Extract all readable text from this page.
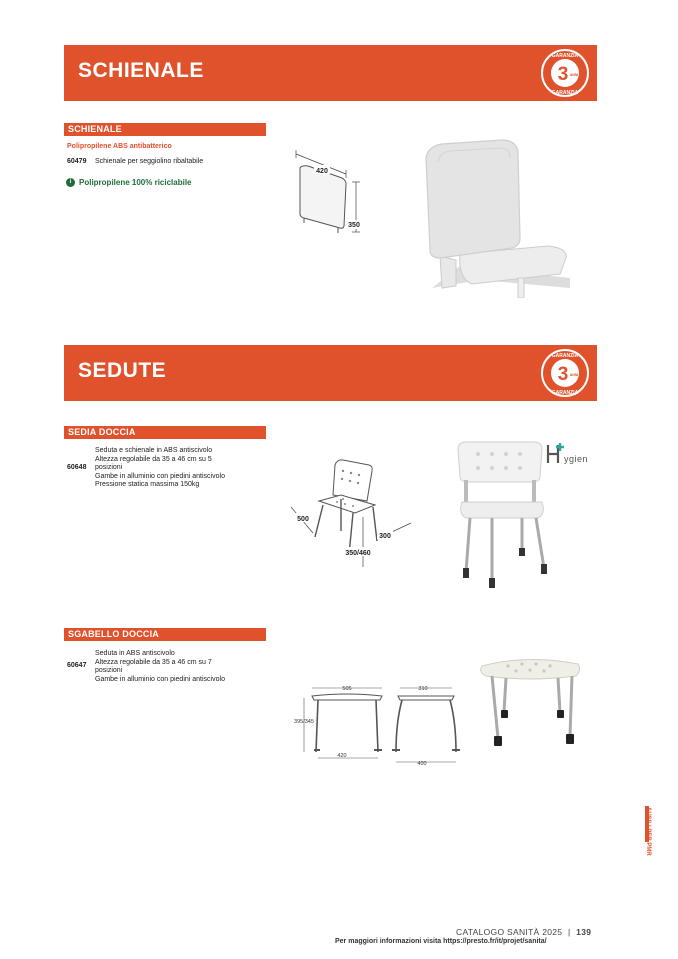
SCHIENALE	3 ANNI
GARANZIA
GARANZIA
SCHIENALE
Polipropilene ABS antibatterico
60479 Schienale per seggiolino ribaltabile
i Polipropilene 100% riciclabile
420
350
SEDUTE	3 ANNI
GARANZIA
GARANZIA
SEDIA DOCCIA
60648
Seduta e schienale in ABS antiscivolo
Altezza regolabile da 35 a 46 cm su 5
posizioni
Gambe in alluminio con piedini antiscivolo
Pressione statica massima 150kg
500
300
350/460
ygien
SGABELLO DOCCIA
60647
Seduta in ABS antiscivolo
Altezza regolabile da 35 a 46 cm su 7
posizioni
Gambe in alluminio con piedini antiscivolo
505
395/345
420
310
400
AUSILI PER PMR
CATALOGO SANITÀ 2025 | 139
Per maggiori informazioni visita https://presto.fr/it/projet/sanita/
